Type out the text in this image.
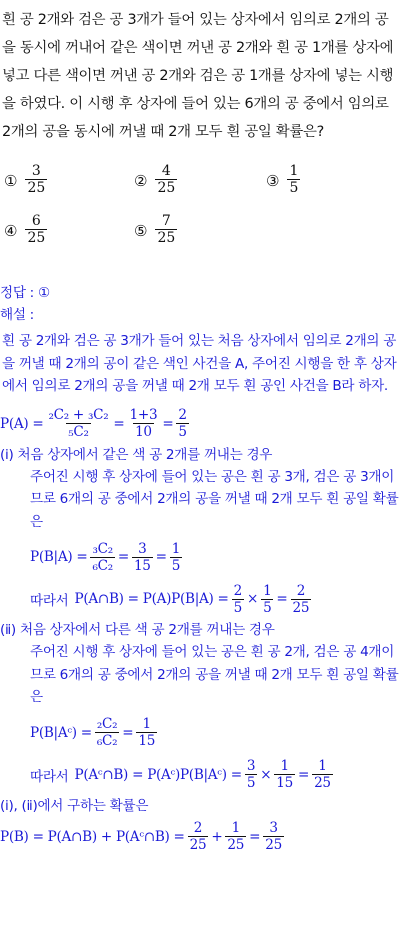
흰 공 2개와 검은 공 3개가 들어 있는 상자에서 임의로 2개의 공을 동시에 꺼내어 같은 색이면 꺼낸 공 2개와 흰 공 1개를 상자에 넣고 다른 색이면 꺼낸 공 2개와 검은 공 1개를 상자에 넣는 시행을 하였다. 이 시행 후 상자에 들어 있는 6개의 공 중에서 임의로 2개의 공을 동시에 꺼낼 때 2개 모두 흰 공일 확률은?
① $\frac{3}{25}$	② $\frac{4}{25}$	③ $\frac{1}{5}$
④ $\frac{6}{25}$	⑤ $\frac{7}{25}$

정답 : ①

해설 :

흰 공 2개와 검은 공 3개가 들어 있는 처음 상자에서 임의로 2개의 공을 꺼낼 때 2개의 공이 같은 색인 사건을 A, 주어진 시행을 한 후 상자에서 임의로 2개의 공을 꺼낼 때 2개 모두 흰 공인 사건을 B라 하자.

$P(A) = \frac{\text{₂C₂ + ₃C₂}}{\text{₅C₂}} = \frac{1+3}{10} = \frac{2}{5}$

(ⅰ) 처음 상자에서 같은 색 공 2개를 꺼내는 경우

주어진 시행 후 상자에 들어 있는 공은 흰 공 3개, 검은 공 3개이므로 6개의 공 중에서 2개의 공을 꺼낼 때 2개 모두 흰 공일 확률은

$P(B|A) = \frac{\text{₃C₂}}{\text{₆C₂}} = \frac{3}{15} = \frac{1}{5}$
따라서 P(A∩B) = $P(A)P(B|A) = \frac{2}{5} \times \frac{1}{5} = \frac{2}{25}$

(ⅱ) 처음 상자에서 다른 색 공 2개를 꺼내는 경우

주어진 시행 후 상자에 들어 있는 공은 흰 공 2개, 검은 공 4개이므로 6개의 공 중에서 2개의 공을 꺼낼 때 2개 모두 흰 공일 확률은

P(B|Aᶜ) = $\frac{\text{₂C₂}}{\text{₆C₂}} = \frac{1}{15}$
따라서 P(Aᶜ∩B) = P(Aᶜ)P(B|Aᶜ) = $\frac{3}{5} \times \frac{1}{15} = \frac{1}{25}$

(ⅰ), (ⅱ)에서 구하는 확률은

P(B) = P(A∩B) + P(Aᶜ∩B) = $\frac{2}{25} + \frac{1}{25} = \frac{3}{25}$
